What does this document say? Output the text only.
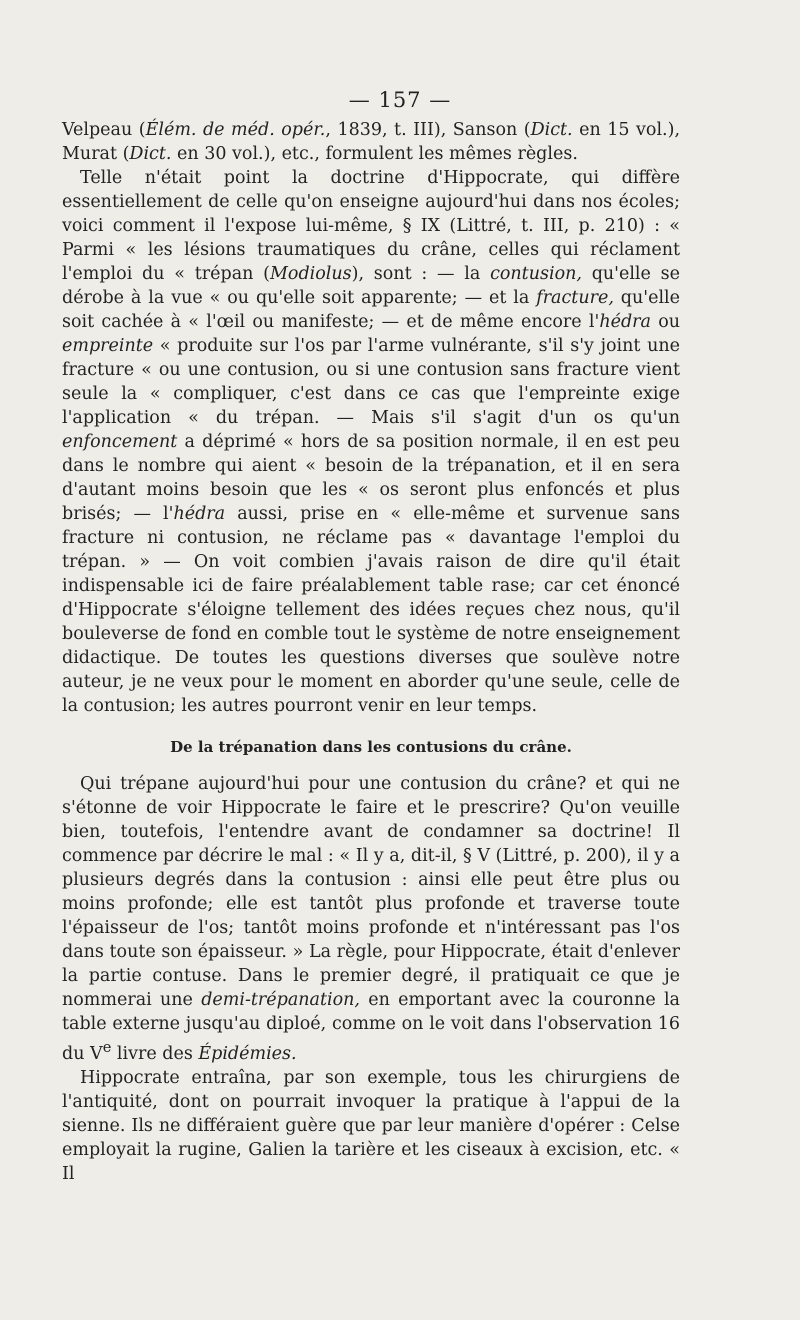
— 157 —

Velpeau (Élém. de méd. opér., 1839, t. III), Sanson (Dict. en 15 vol.), Murat (Dict. en 30 vol.), etc., formulent les mêmes règles.

Telle n'était point la doctrine d'Hippocrate, qui diffère essentiellement de celle qu'on enseigne aujourd'hui dans nos écoles; voici comment il l'expose lui-même, § IX (Littré, t. III, p. 210) : « Parmi « les lésions traumatiques du crâne, celles qui réclament l'emploi du « trépan (Modiolus), sont : — la contusion, qu'elle se dérobe à la vue « ou qu'elle soit apparente; — et la fracture, qu'elle soit cachée à « l'œil ou manifeste; — et de même encore l'hédra ou empreinte « produite sur l'os par l'arme vulnérante, s'il s'y joint une fracture « ou une contusion, ou si une contusion sans fracture vient seule la « compliquer, c'est dans ce cas que l'empreinte exige l'application « du trépan. — Mais s'il s'agit d'un os qu'un enfoncement a déprimé « hors de sa position normale, il en est peu dans le nombre qui aient « besoin de la trépanation, et il en sera d'autant moins besoin que les « os seront plus enfoncés et plus brisés; — l'hédra aussi, prise en « elle-même et survenue sans fracture ni contusion, ne réclame pas « davantage l'emploi du trépan. » — On voit combien j'avais raison de dire qu'il était indispensable ici de faire préalablement table rase; car cet énoncé d'Hippocrate s'éloigne tellement des idées reçues chez nous, qu'il bouleverse de fond en comble tout le système de notre enseignement didactique. De toutes les questions diverses que soulève notre auteur, je ne veux pour le moment en aborder qu'une seule, celle de la contusion; les autres pourront venir en leur temps.

De la trépanation dans les contusions du crâne.

Qui trépane aujourd'hui pour une contusion du crâne? et qui ne s'étonne de voir Hippocrate le faire et le prescrire? Qu'on veuille bien, toutefois, l'entendre avant de condamner sa doctrine! Il commence par décrire le mal : « Il y a, dit-il, § V (Littré, p. 200), il y a plusieurs degrés dans la contusion : ainsi elle peut être plus ou moins profonde; elle est tantôt plus profonde et traverse toute l'épaisseur de l'os; tantôt moins profonde et n'intéressant pas l'os dans toute son épaisseur. » La règle, pour Hippocrate, était d'enlever la partie contuse. Dans le premier degré, il pratiquait ce que je nommerai une demi-trépanation, en emportant avec la couronne la table externe jusqu'au diploé, comme on le voit dans l'observation 16 du Ve livre des Épidémies.

Hippocrate entraîna, par son exemple, tous les chirurgiens de l'antiquité, dont on pourrait invoquer la pratique à l'appui de la sienne. Ils ne différaient guère que par leur manière d'opérer : Celse employait la rugine, Galien la tarière et les ciseaux à excision, etc. « Il
